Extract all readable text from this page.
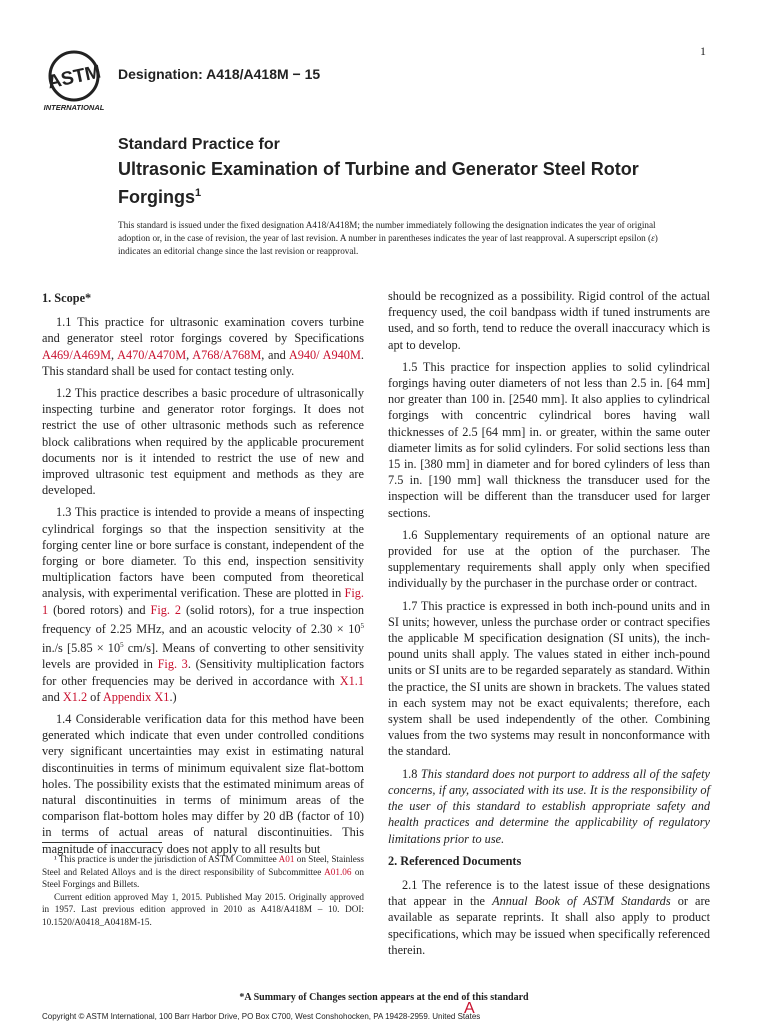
1
ASTM
INTERNATIONAL
Designation: A418/A418M − 15
Standard Practice for
Ultrasonic Examination of Turbine and Generator Steel Rotor Forgings$^1$
This standard is issued under the fixed designation A418/A418M; the number immediately following the designation indicates the year of original adoption or, in the case of revision, the year of last revision. A number in parentheses indicates the year of last reapproval. A superscript epsilon (ε) indicates an editorial change since the last revision or reapproval.
1. Scope*

1.1 This practice for ultrasonic examination covers turbine and generator steel rotor forgings covered by Specifications A469/A469M, A470/A470M, A768/A768M, and A940/ A940M. This standard shall be used for contact testing only.

1.2 This practice describes a basic procedure of ultrasonically inspecting turbine and generator rotor forgings. It does not restrict the use of other ultrasonic methods such as reference block calibrations when required by the applicable procurement documents nor is it intended to restrict the use of new and improved ultrasonic test equipment and methods as they are developed.

1.3 This practice is intended to provide a means of inspecting cylindrical forgings so that the inspection sensitivity at the forging center line or bore surface is constant, independent of the forging or bore diameter. To this end, inspection sensitivity multiplication factors have been computed from theoretical analysis, with experimental verification. These are plotted in Fig. 1 (bored rotors) and Fig. 2 (solid rotors), for a true inspection frequency of 2.25 MHz, and an acoustic velocity of $2.30 \times 10^5$ in./s [$5.85 \times 10^5$ cm/s]. Means of converting to other sensitivity levels are provided in Fig. 3. (Sensitivity multiplication factors for other frequencies may be derived in accordance with X1.1 and X1.2 of Appendix X1.)

1.4 Considerable verification data for this method have been generated which indicate that even under controlled conditions very significant uncertainties may exist in estimating natural discontinuities in terms of minimum equivalent size flat-bottom holes. The possibility exists that the estimated minimum areas of natural discontinuities in terms of minimum areas of the comparison flat-bottom holes may differ by 20 dB (factor of 10) in terms of actual areas of natural discontinuities. This magnitude of inaccuracy does not apply to all results but

¹ This practice is under the jurisdiction of ASTM Committee A01 on Steel, Stainless Steel and Related Alloys and is the direct responsibility of Subcommittee A01.06 on Steel Forgings and Billets.

Current edition approved May 1, 2015. Published May 2015. Originally approved in 1957. Last previous edition approved in 2010 as A418/A418M – 10. DOI: 10.1520/A0418_A0418M-15.

should be recognized as a possibility. Rigid control of the actual frequency used, the coil bandpass width if tuned instruments are used, and so forth, tend to reduce the overall inaccuracy which is apt to develop.

1.5 This practice for inspection applies to solid cylindrical forgings having outer diameters of not less than 2.5 in. [64 mm] nor greater than 100 in. [2540 mm]. It also applies to cylindrical forgings with concentric cylindrical bores having wall thicknesses of 2.5 [64 mm] in. or greater, within the same outer diameter limits as for solid cylinders. For solid sections less than 15 in. [380 mm] in diameter and for bored cylinders of less than 7.5 in. [190 mm] wall thickness the transducer used for the inspection will be different than the transducer used for larger sections.

1.6 Supplementary requirements of an optional nature are provided for use at the option of the purchaser. The supplementary requirements shall apply only when specified individually by the purchaser in the purchase order or contract.

1.7 This practice is expressed in both inch-pound units and in SI units; however, unless the purchase order or contract specifies the applicable M specification designation (SI units), the inch-pound units shall apply. The values stated in either inch-pound units or SI units are to be regarded separately as standard. Within the practice, the SI units are shown in brackets. The values stated in each system may not be exact equivalents; therefore, each system shall be used independently of the other. Combining values from the two systems may result in nonconformance with the standard.

1.8 This standard does not purport to address all of the safety concerns, if any, associated with its use. It is the responsibility of the user of this standard to establish appropriate safety and health practices and determine the applicability of regulatory limitations prior to use.

2. Referenced Documents

2.1 The reference is to the latest issue of these designations that appear in the Annual Book of ASTM Standards or are available as separate reprints. It shall also apply to product specifications, which may be issued when specifically referenced therein.

*A Summary of Changes section appears at the end of this standard
Copyright © ASTM International, 100 Barr Harbor Drive, PO Box C700, West Conshohocken, PA 19428-2959. United States
A
